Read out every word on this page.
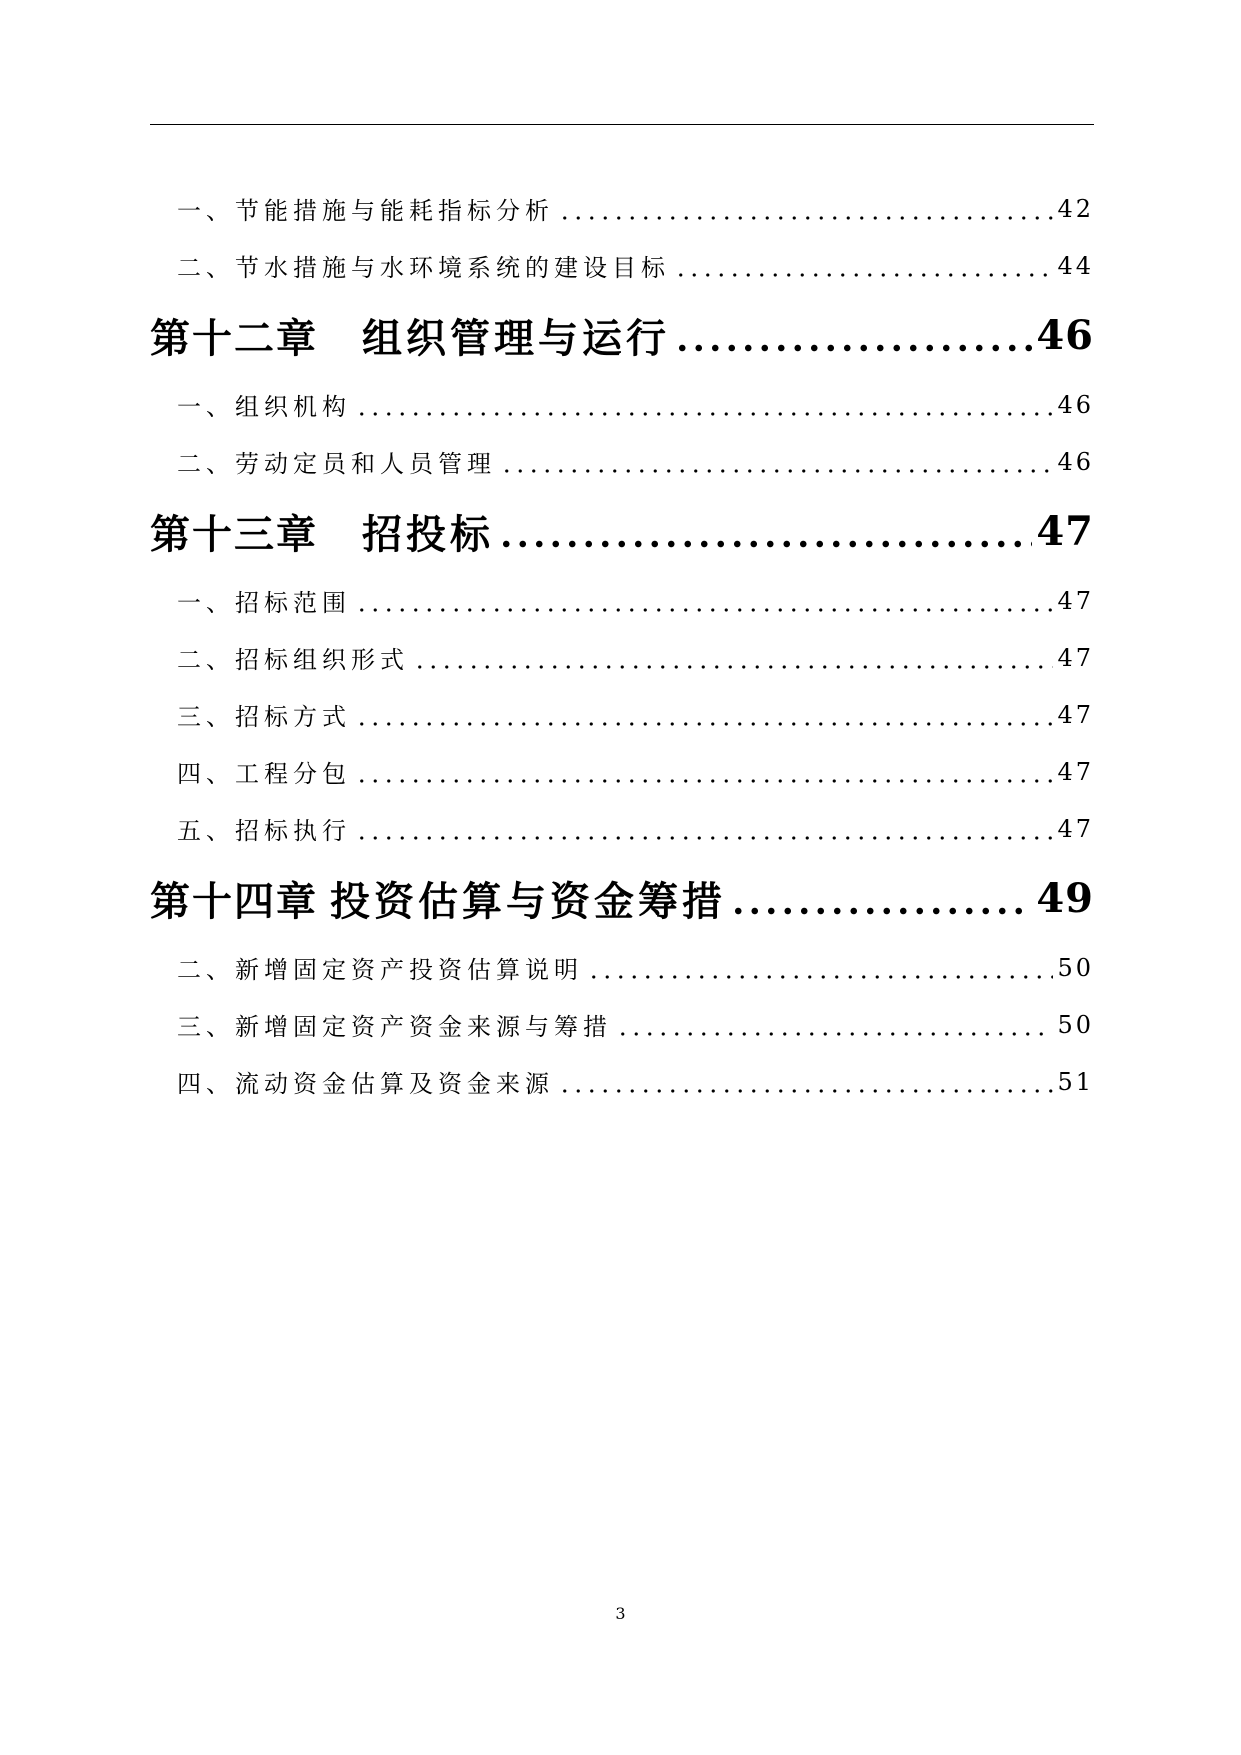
一、节能措施与能耗指标分析	42
二、节水措施与水环境系统的建设目标	44
第十二章 组织管理与运行	46
一、组织机构	46
二、劳动定员和人员管理	46
第十三章 招投标	47
一、招标范围	47
二、招标组织形式	47
三、招标方式	47
四、工程分包	47
五、招标执行	47
第十四章 投资估算与资金筹措	49
二、新增固定资产投资估算说明	50
三、新增固定资产资金来源与筹措	50
四、流动资金估算及资金来源	51
3
